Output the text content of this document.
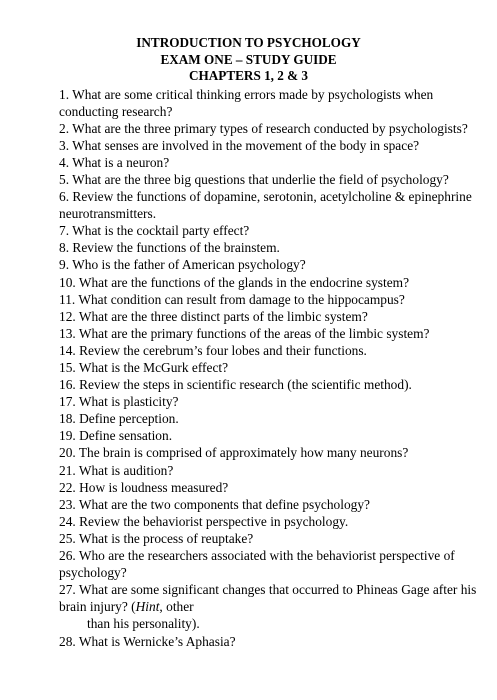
INTRODUCTION TO PSYCHOLOGY
EXAM ONE – STUDY GUIDE
CHAPTERS 1, 2 & 3
1. What are some critical thinking errors made by psychologists when conducting research?
2. What are the three primary types of research conducted by psychologists?
3. What senses are involved in the movement of the body in space?
4. What is a neuron?
5. What are the three big questions that underlie the field of psychology?
6. Review the functions of dopamine, serotonin, acetylcholine & epinephrine neurotransmitters.
7. What is the cocktail party effect?
8. Review the functions of the brainstem.
9. Who is the father of American psychology?
10. What are the functions of the glands in the endocrine system?
11. What condition can result from damage to the hippocampus?
12. What are the three distinct parts of the limbic system?
13. What are the primary functions of the areas of the limbic system?
14. Review the cerebrum’s four lobes and their functions.
15. What is the McGurk effect?
16. Review the steps in scientific research (the scientific method).
17. What is plasticity?
18. Define perception.
19. Define sensation.
20. The brain is comprised of approximately how many neurons?
21. What is audition?
22. How is loudness measured?
23. What are the two components that define psychology?
24. Review the behaviorist perspective in psychology.
25. What is the process of reuptake?
26. Who are the researchers associated with the behaviorist perspective of psychology?
27. What are some significant changes that occurred to Phineas Gage after his brain injury? (Hint, other
than his personality).
28. What is Wernicke’s Aphasia?
